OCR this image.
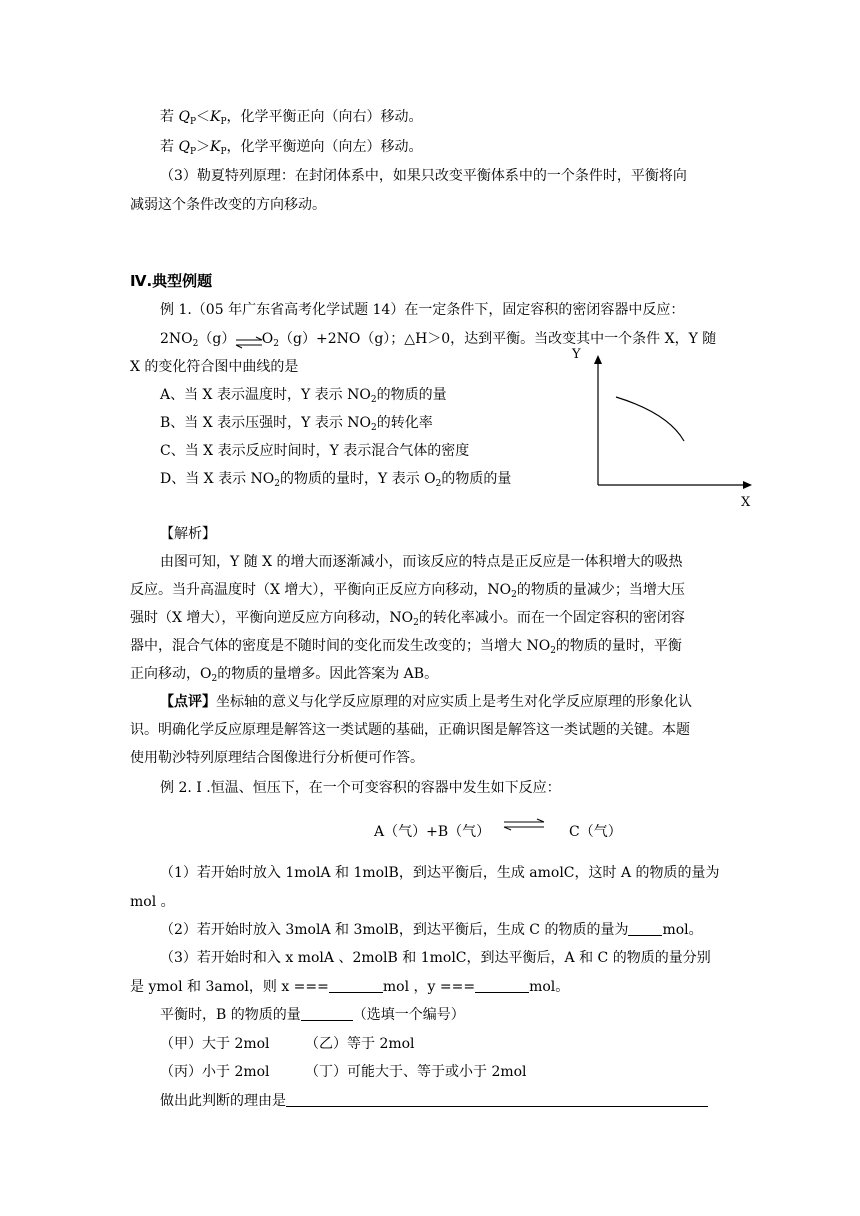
若 $Q_P<K_P$，化学平衡正向（向右）移动。
若 $Q_P>K_P$，化学平衡逆向（向左）移动。
（3）勒夏特列原理：在封闭体系中，如果只改变平衡体系中的一个条件时，平衡将向
减弱这个条件改变的方向移动。
Ⅳ.典型例题
例 1.（05 年广东省高考化学试题 14）在一定条件下，固定容积的密闭容器中反应：
$2NO_2(g)$ $O_2(g)+2NO(g)$；△H＞0，达到平衡。当改变其中一个条件 X，Y 随
X 的变化符合图中曲线的是
A、当 X 表示温度时，Y 表示 $NO_2$的物质的量
B、当 X 表示压强时，Y 表示 $NO_2$的转化率
C、当 X 表示反应时间时，Y 表示混合气体的密度
D、当 X 表示 $NO_2$的物质的量时，Y 表示 $O_2$的物质的量
Y
X
【解析】
由图可知，Y 随 X 的增大而逐渐减小，而该反应的特点是正反应是一体积增大的吸热
反应。当升高温度时（X 增大），平衡向正反应方向移动，$NO_2$的物质的量减少；当增大压
强时（X 增大），平衡向逆反应方向移动，$NO_2$的转化率减小。而在一个固定容积的密闭容
器中，混合气体的密度是不随时间的变化而发生改变的；当增大 $NO_2$的物质的量时，平衡
正向移动，$O_2$的物质的量增多。因此答案为 AB。
【点评】坐标轴的意义与化学反应原理的对应实质上是考生对化学反应原理的形象化认
识。明确化学反应原理是解答这一类试题的基础，正确识图是解答这一类试题的关键。本题
使用勒沙特列原理结合图像进行分析便可作答。
例 2. I .恒温、恒压下，在一个可变容积的容器中发生如下反应：
A（气）+B（气） ⇌ C（气）
（1）若开始时放入 1molA 和 1molB，到达平衡后，生成 amolC，这时 A 的物质的量为
mol 。
（2）若开始时放入 3molA 和 3molB，到达平衡后，生成 C 的物质的量为 mol。
（3）若开始时和入 x molA 、2molB 和 1molC，到达平衡后，A 和 C 的物质的量分别
是 ymol 和 3amol，则 x ===	mol ，y ===	mol。
平衡时，B 的物质的量	（选填一个编号）
（甲）大于 2mol	（乙）等于 2mol
（丙）小于 2mol	（丁）可能大于、等于或小于 2mol
做出此判断的理由是
